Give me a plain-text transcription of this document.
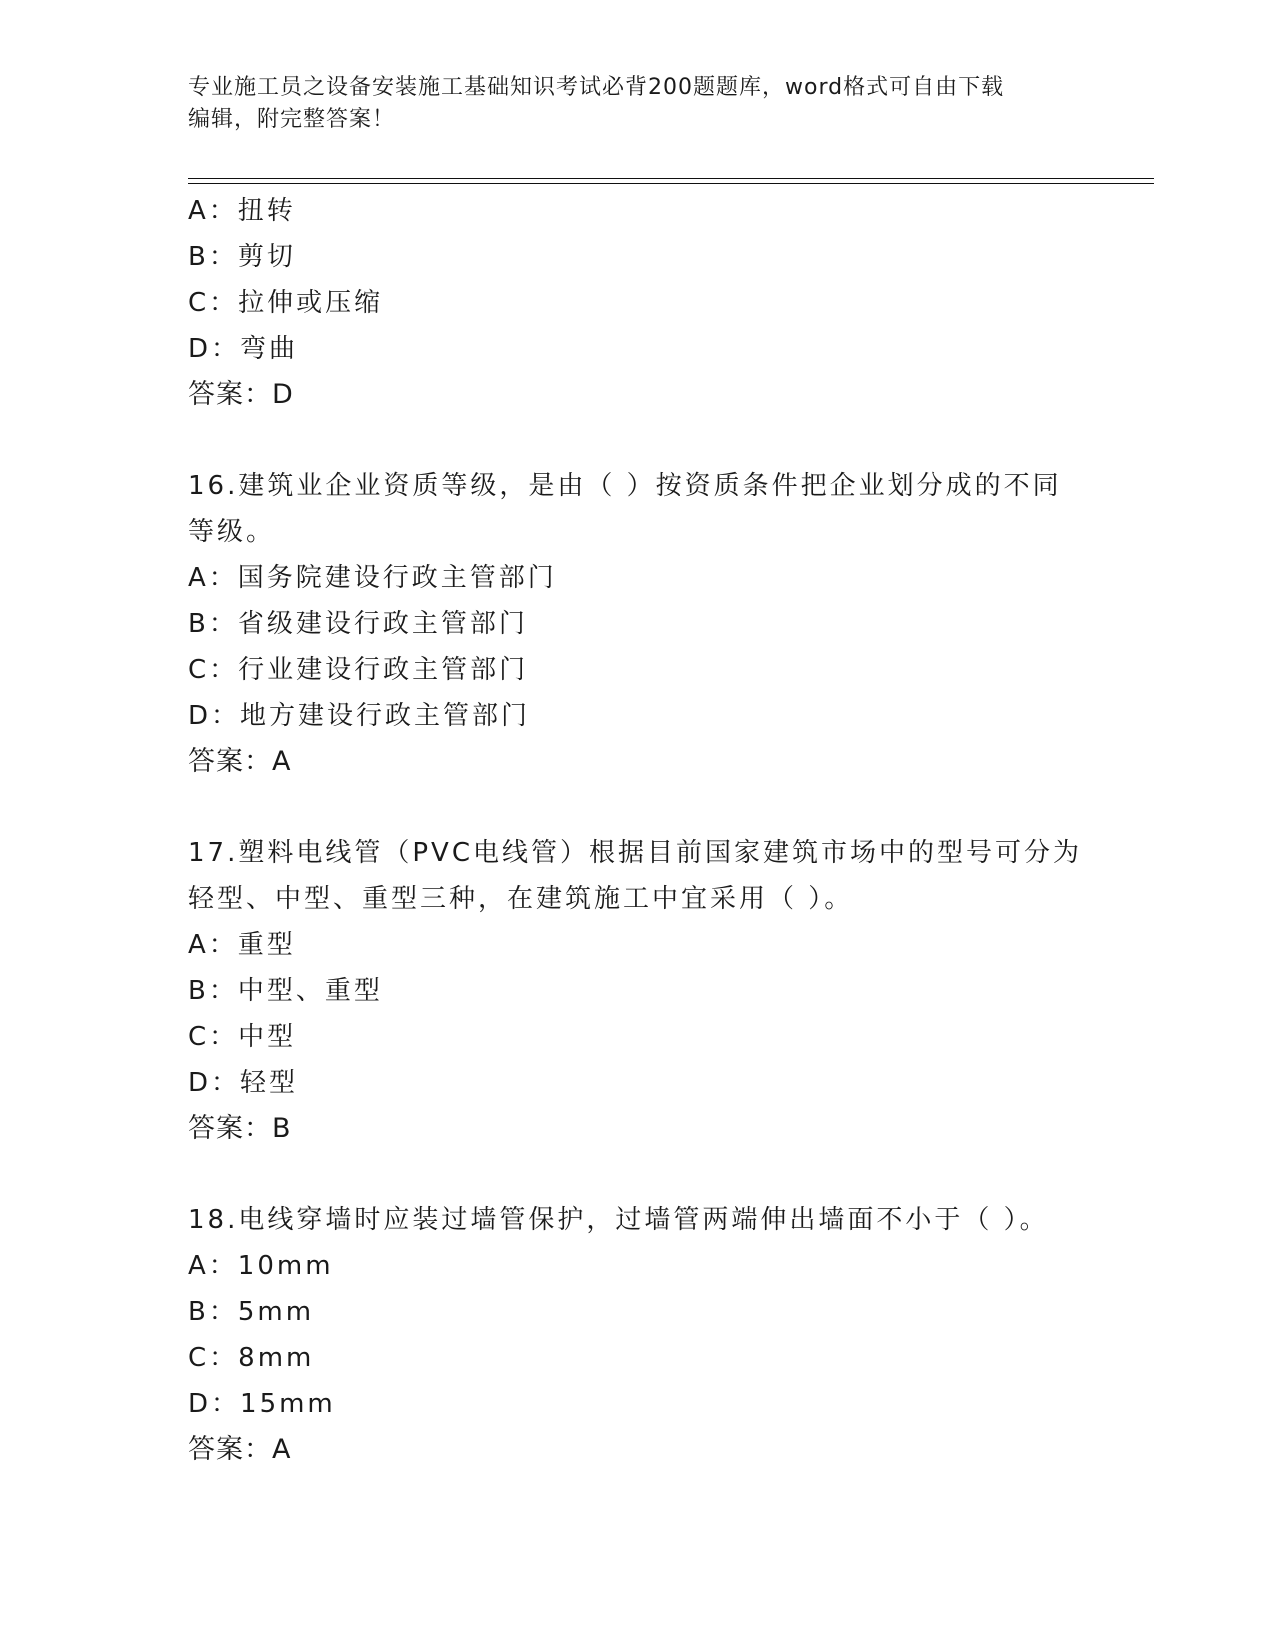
专业施工员之设备安装施工基础知识考试必背200题题库，word格式可自由下载
编辑，附完整答案！
A：扭转
B：剪切
C：拉伸或压缩
D：弯曲
答案：D
16.建筑业企业资质等级，是由（ ）按资质条件把企业划分成的不同
等级。
A：国务院建设行政主管部门
B：省级建设行政主管部门
C：行业建设行政主管部门
D：地方建设行政主管部门
答案：A
17.塑料电线管（PVC电线管）根据目前国家建筑市场中的型号可分为
轻型、中型、重型三种，在建筑施工中宜采用（ ）。
A：重型
B：中型、重型
C：中型
D：轻型
答案：B
18.电线穿墙时应装过墙管保护，过墙管两端伸出墙面不小于（ ）。
A：10mm
B：5mm
C：8mm
D：15mm
答案：A
